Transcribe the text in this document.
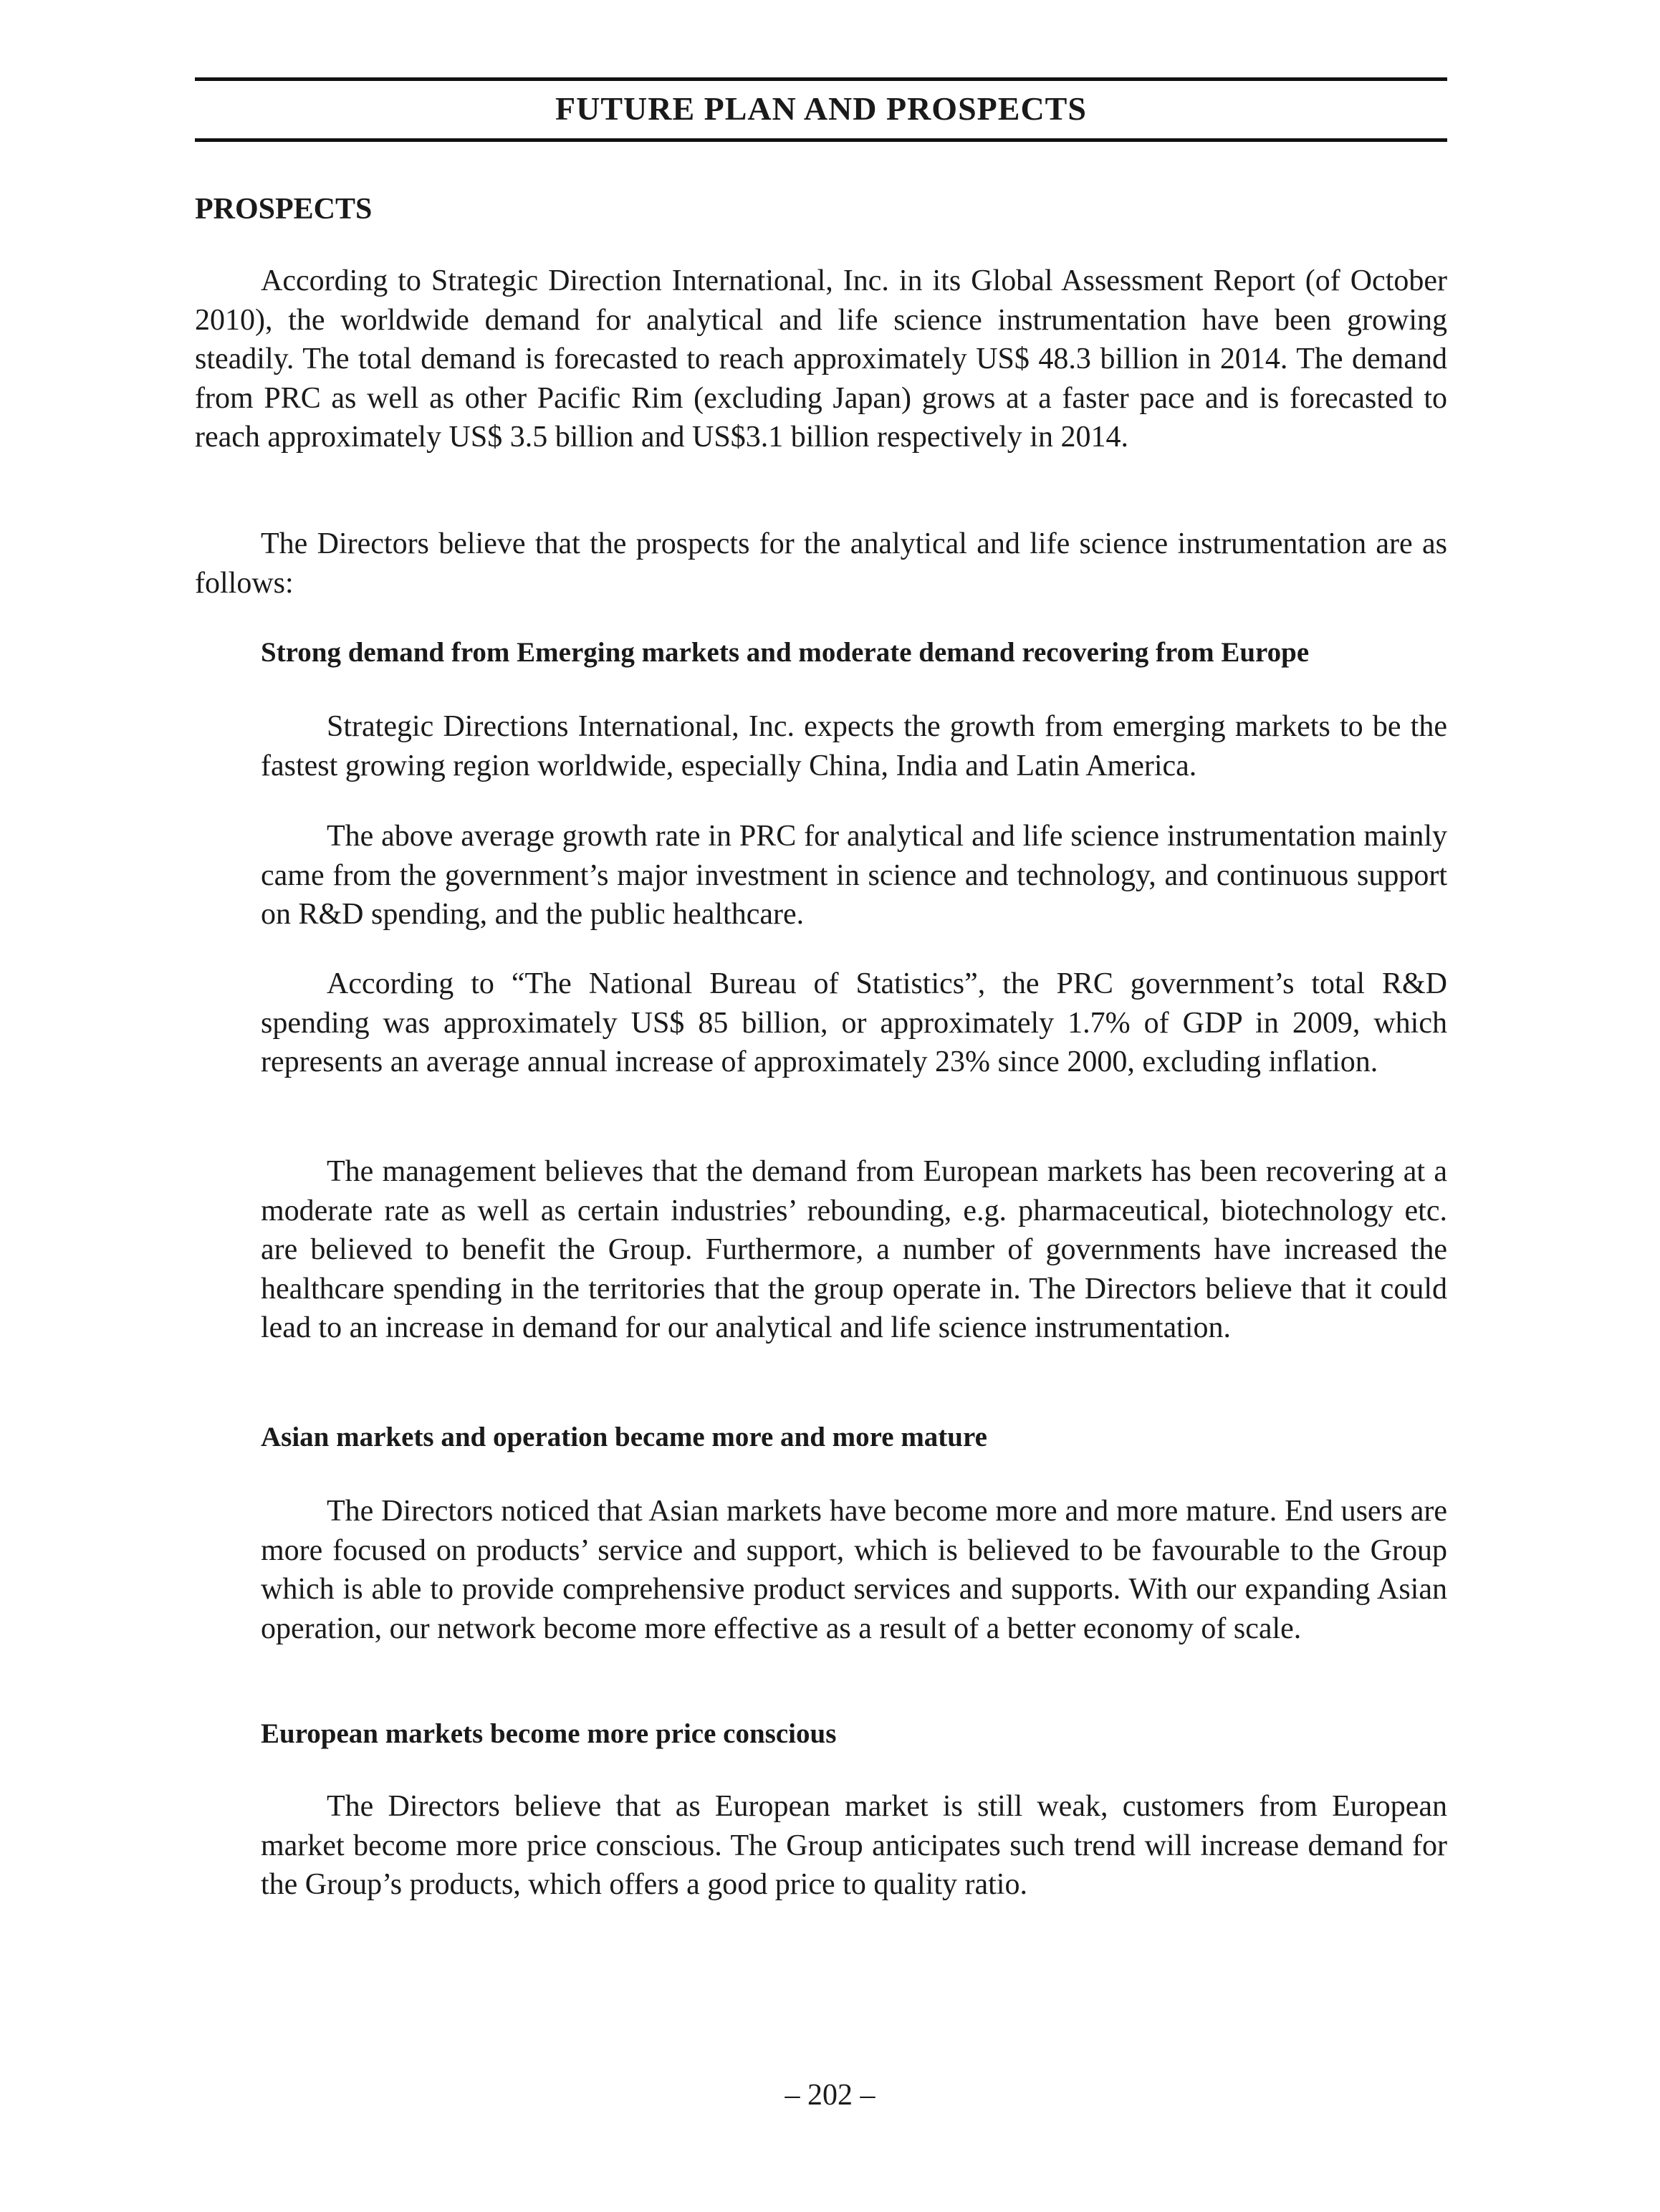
FUTURE PLAN AND PROSPECTS
PROSPECTS

According to Strategic Direction International, Inc. in its Global Assessment Report (of October 2010), the worldwide demand for analytical and life science instrumentation have been growing steadily. The total demand is forecasted to reach approximately US$ 48.3 billion in 2014. The demand from PRC as well as other Pacific Rim (excluding Japan) grows at a faster pace and is forecasted to reach approximately US$ 3.5 billion and US$3.1 billion respectively in 2014.

The Directors believe that the prospects for the analytical and life science instrumentation are as follows:

Strong demand from Emerging markets and moderate demand recovering from Europe

Strategic Directions International, Inc. expects the growth from emerging markets to be the fastest growing region worldwide, especially China, India and Latin America.

The above average growth rate in PRC for analytical and life science instrumentation mainly came from the government’s major investment in science and technology, and continuous support on R&D spending, and the public healthcare.

According to “The National Bureau of Statistics”, the PRC government’s total R&D spending was approximately US$ 85 billion, or approximately 1.7% of GDP in 2009, which represents an average annual increase of approximately 23% since 2000, excluding inflation.

The management believes that the demand from European markets has been recovering at a moderate rate as well as certain industries’ rebounding, e.g. pharmaceutical, biotechnology etc. are believed to benefit the Group. Furthermore, a number of governments have increased the healthcare spending in the territories that the group operate in. The Directors believe that it could lead to an increase in demand for our analytical and life science instrumentation.

Asian markets and operation became more and more mature

The Directors noticed that Asian markets have become more and more mature. End users are more focused on products’ service and support, which is believed to be favourable to the Group which is able to provide comprehensive product services and supports. With our expanding Asian operation, our network become more effective as a result of a better economy of scale.

European markets become more price conscious

The Directors believe that as European market is still weak, customers from European market become more price conscious. The Group anticipates such trend will increase demand for the Group’s products, which offers a good price to quality ratio.

– 202 –
